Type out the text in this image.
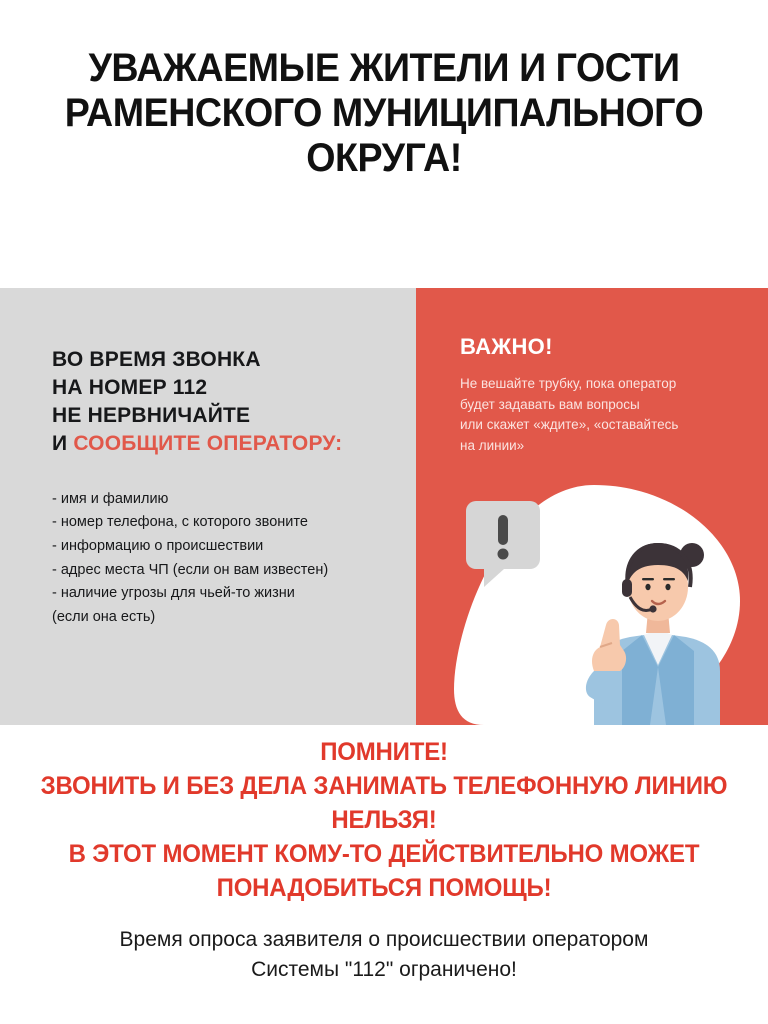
УВАЖАЕМЫЕ ЖИТЕЛИ И ГОСТИ
РАМЕНСКОГО МУНИЦИПАЛЬНОГО
ОКРУГА!
ВО ВРЕМЯ ЗВОНКА
НА НОМЕР 112
НЕ НЕРВНИЧАЙТЕ
И СООБЩИТЕ ОПЕРАТОРУ:
- имя и фамилию
- номер телефона, с которого звоните
- информацию о происшествии
- адрес места ЧП (если он вам известен)
- наличие угрозы для чьей-то жизни
(если она есть)
ВАЖНО!
Не вешайте трубку, пока оператор
будет задавать вам вопросы
или скажет «ждите», «оставайтесь
на линии»
ПОМНИТЕ!
ЗВОНИТЬ И БЕЗ ДЕЛА ЗАНИМАТЬ ТЕЛЕФОННУЮ ЛИНИЮ НЕЛЬЗЯ!
В ЭТОТ МОМЕНТ КОМУ-ТО ДЕЙСТВИТЕЛЬНО МОЖЕТ
ПОНАДОБИТЬСЯ ПОМОЩЬ!
Время опроса заявителя о происшествии оператором
Системы "112" ограничено!
